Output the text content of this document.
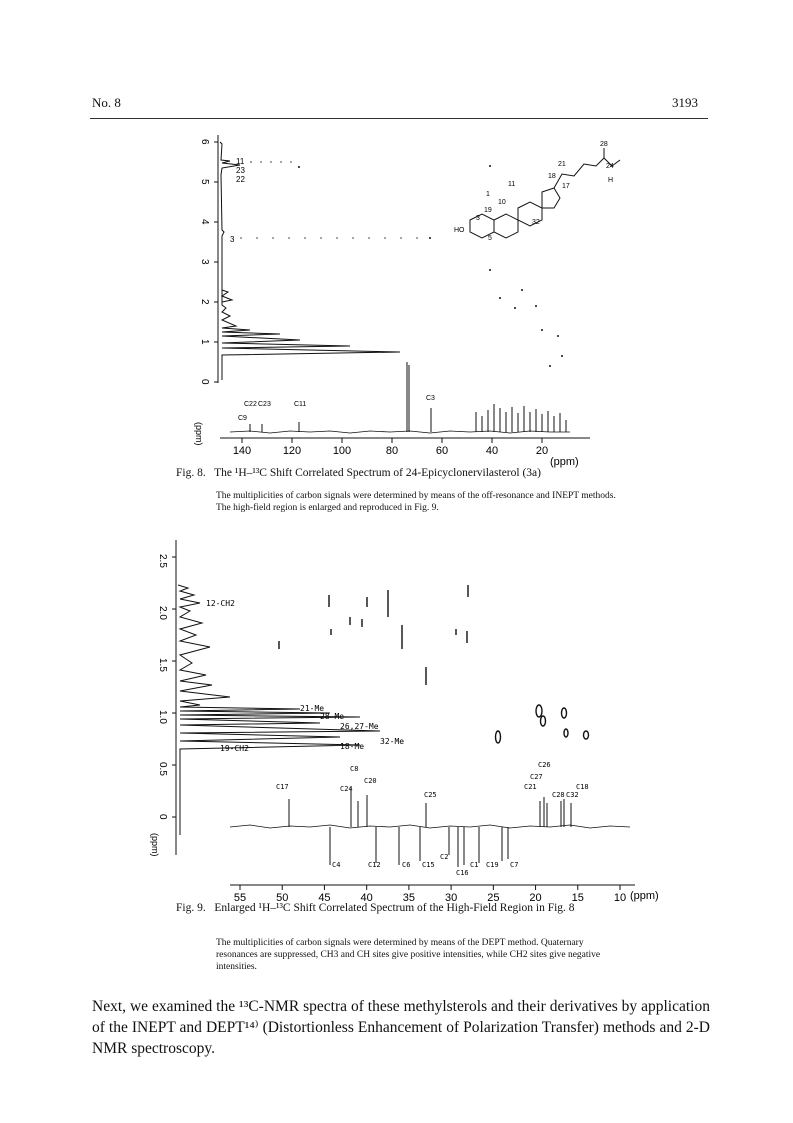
No. 8	3193
6
5
4
3
2
1
0
(ppm)
140	120	100	80	60	40	20
(ppm)
11
23
22
3
C22 C23
C9
C11
C3
28
21	24
18
17
H
11
1
10
19
3
HO
5
32
Fig. 8. The ¹H–¹³C Shift Correlated Spectrum of 24-Epicyclonervilasterol (3a)
The multiplicities of carbon signals were determined by means of the off-resonance and INEPT methods. The high-field region is enlarged and reproduced in Fig. 9.
2.5
2.0
1.5
1.0
0.5
0
(ppm)
12-CH2
21-Me
28-Me
26,27-Me
32-Me
18-Me
19-CH2
55	50	45	40	35	30	25	20	15	10 (ppm)
C17
C8
C24
C20
C25
C26
C27
C21
C28 C32
C18
C4	C12	C6 C15
C2
C16
C1 C19 C7
Fig. 9. Enlarged ¹H–¹³C Shift Correlated Spectrum of the High-Field Region in Fig. 8
The multiplicities of carbon signals were determined by means of the DEPT method. Quaternary resonances are suppressed, CH3 and CH sites give positive intensities, while CH2 sites give negative intensities.
Next, we examined the ¹³C-NMR spectra of these methylsterols and their derivatives by application of the INEPT and DEPT¹⁴⁾ (Distortionless Enhancement of Polarization Transfer) methods and 2-D NMR spectroscopy.
